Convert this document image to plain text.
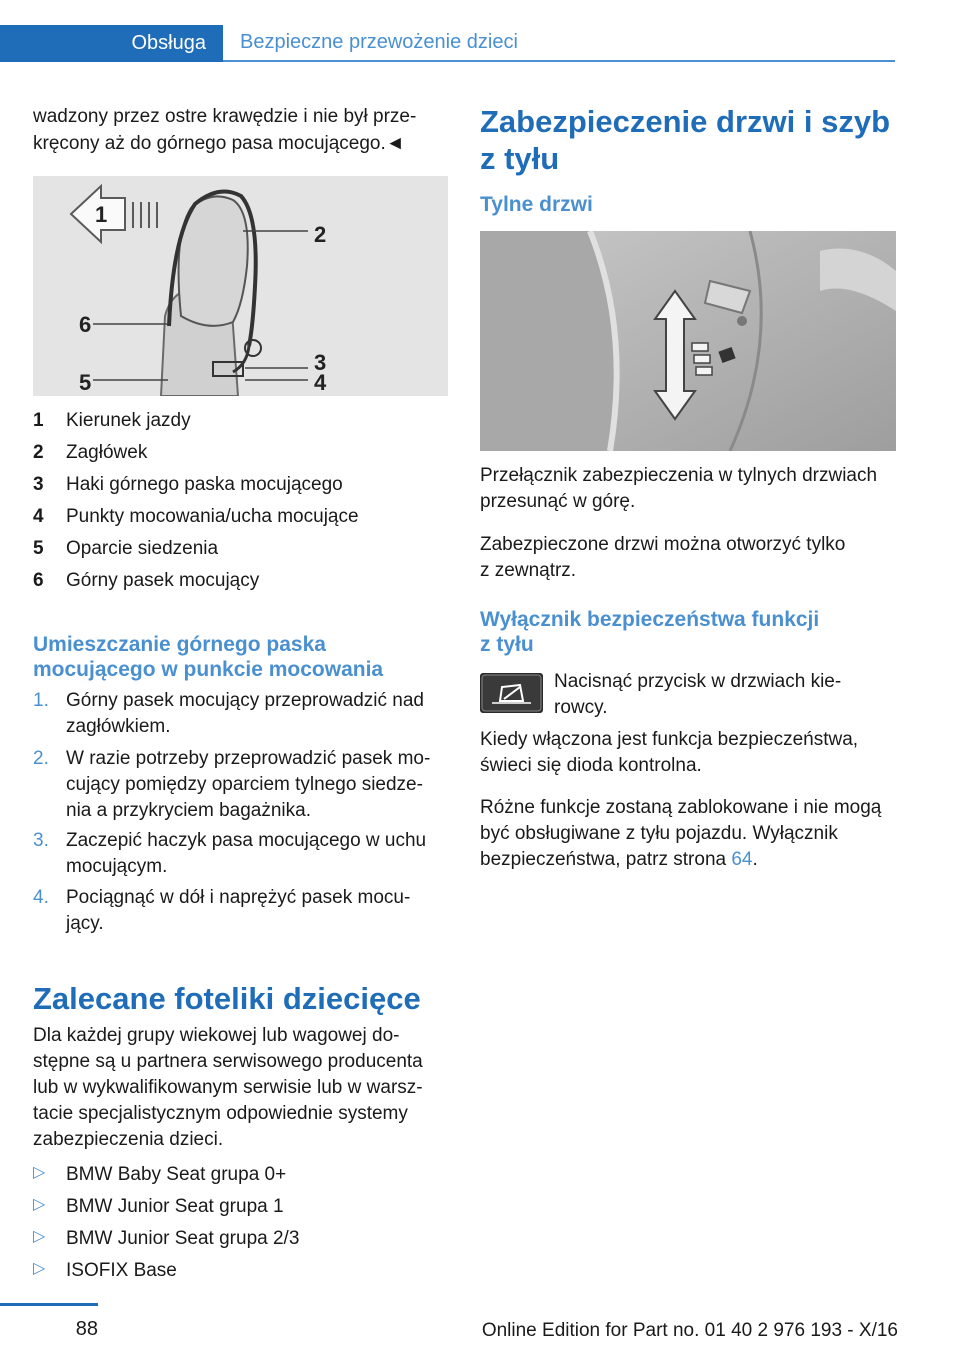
Obsługa	Bezpieczne przewożenie dzieci
wadzony przez ostre krawędzie i nie był prze-
kręcony aż do górnego pasa mocującego.◄
1
2
6
3
5	4
1 Kierunek jazdy
2 Zagłówek
3 Haki górnego paska mocującego
4 Punkty mocowania/ucha mocujące
5 Oparcie siedzenia
6 Górny pasek mocujący
Umieszczanie górnego paska
mocującego w punkcie mocowania
1. Górny pasek mocujący przeprowadzić nad
zagłówkiem.
2. W razie potrzeby przeprowadzić pasek mo-
cujący pomiędzy oparciem tylnego siedze-
nia a przykryciem bagażnika.
3. Zaczepić haczyk pasa mocującego w uchu
mocującym.
4. Pociągnąć w dół i naprężyć pasek mocu-
jący.
Zalecane foteliki dziecięce
Dla każdej grupy wiekowej lub wagowej do-
stępne są u partnera serwisowego producenta
lub w wykwalifikowanym serwisie lub w warsz-
tacie specjalistycznym odpowiednie systemy
zabezpieczenia dzieci.
▷ BMW Baby Seat grupa 0+
▷ BMW Junior Seat grupa 1
▷ BMW Junior Seat grupa 2/3
▷ ISOFIX Base
Zabezpieczenie drzwi i szyb
z tyłu
Tylne drzwi
Przełącznik zabezpieczenia w tylnych drzwiach
przesunąć w górę.
Zabezpieczone drzwi można otworzyć tylko
z zewnątrz.
Wyłącznik bezpieczeństwa funkcji
z tyłu
Nacisnąć przycisk w drzwiach kie-
rowcy.
Kiedy włączona jest funkcja bezpieczeństwa,
świeci się dioda kontrolna.
Różne funkcje zostaną zablokowane i nie mogą
być obsługiwane z tyłu pojazdu. Wyłącznik
bezpieczeństwa, patrz strona 64.
88	Online Edition for Part no. 01 40 2 976 193 - X/16
